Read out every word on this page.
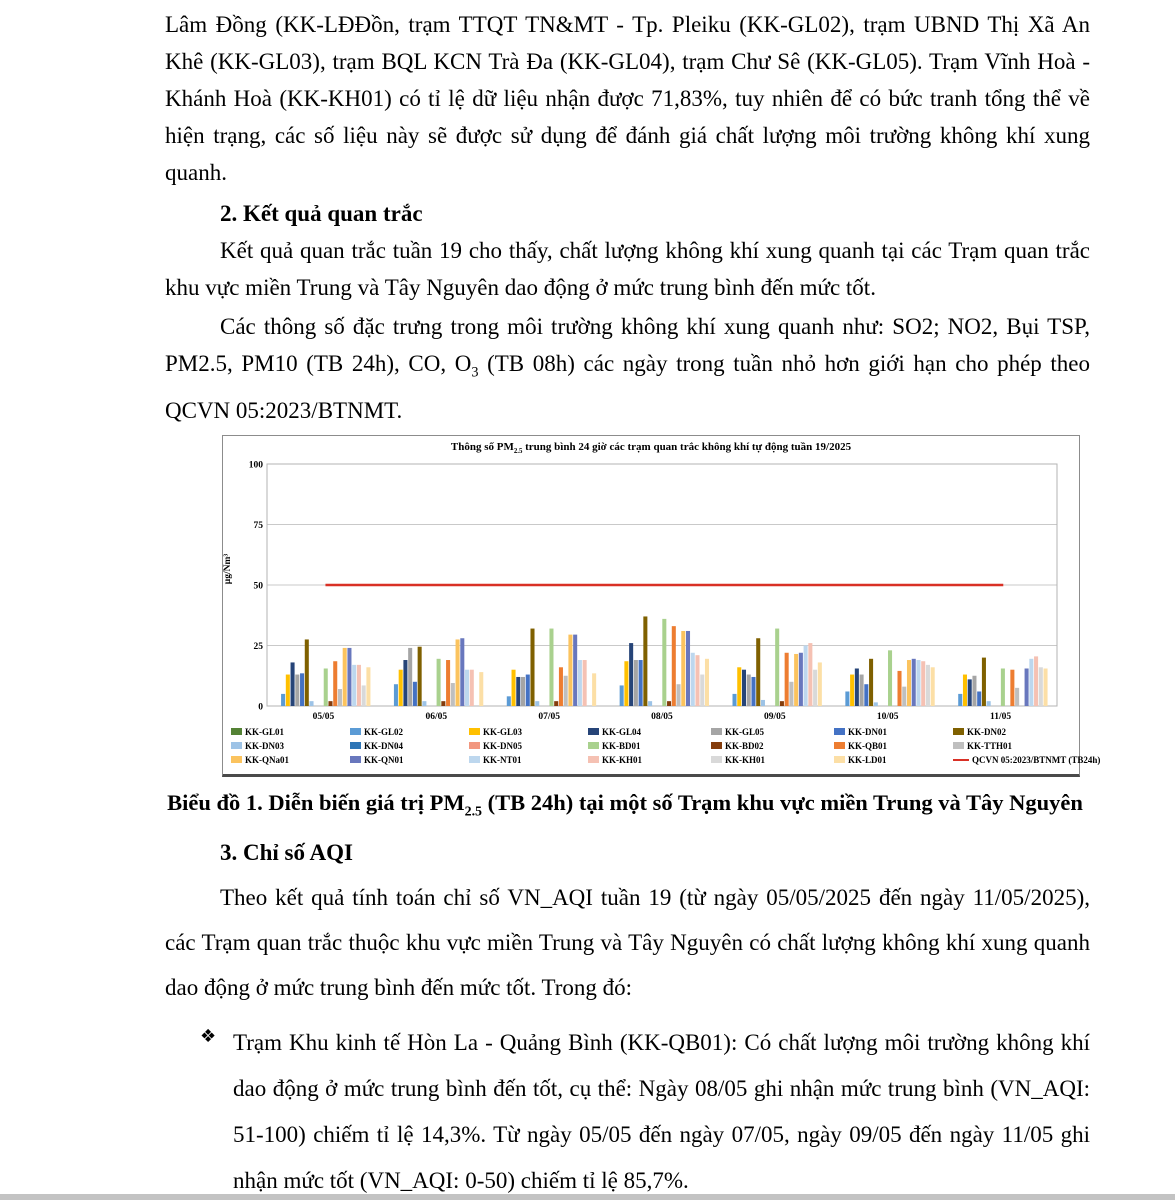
Lâm Đồng (KK-LĐĐồn, trạm TTQT TN&MT - Tp. Pleiku (KK-GL02), trạm UBND Thị Xã An Khê (KK-GL03), trạm BQL KCN Trà Đa (KK-GL04), trạm Chư Sê (KK-GL05). Trạm Vĩnh Hoà - Khánh Hoà (KK-KH01) có tỉ lệ dữ liệu nhận được 71,83%, tuy nhiên để có bức tranh tổng thể về hiện trạng, các số liệu này sẽ được sử dụng để đánh giá chất lượng môi trường không khí xung quanh.

2. Kết quả quan trắc

Kết quả quan trắc tuần 19 cho thấy, chất lượng không khí xung quanh tại các Trạm quan trắc khu vực miền Trung và Tây Nguyên dao động ở mức trung bình đến mức tốt.

Các thông số đặc trưng trong môi trường không khí xung quanh như: SO2; NO2, Bụi TSP, PM2.5, PM10 (TB 24h), CO, $O_3$ (TB 08h) các ngày trong tuần nhỏ hơn giới hạn cho phép theo QCVN 05:2023/BTNMT.

Thông số $PM_{2.5}$ trung bình 24 giờ các trạm quan trắc không khí tự động tuần 19/2025
µg/Nm³
0
25
50
75
100
05/05	06/05	07/05	08/05	09/05	10/05	11/05
KK-GL01	KK-GL02	KK-GL03	KK-GL04	KK-GL05	KK-DN01	KK-DN02
KK-DN03	KK-DN04	KK-DN05	KK-BD01	KK-BD02	KK-QB01	KK-TTH01
KK-QNa01	KK-QN01	KK-NT01	KK-KH01	KK-KH01	KK-LD01	QCVN 05:2023/BTNMT (TB24h)

Biểu đồ 1. Diễn biến giá trị $PM_{2.5}$ (TB 24h) tại một số Trạm khu vực miền Trung và Tây Nguyên

3. Chỉ số AQI

Theo kết quả tính toán chỉ số VN_AQI tuần 19 (từ ngày 05/05/2025 đến ngày 11/05/2025), các Trạm quan trắc thuộc khu vực miền Trung và Tây Nguyên có chất lượng không khí xung quanh dao động ở mức trung bình đến mức tốt. Trong đó:

❖ Trạm Khu kinh tế Hòn La - Quảng Bình (KK-QB01): Có chất lượng môi trường không khí dao động ở mức trung bình đến tốt, cụ thể: Ngày 08/05 ghi nhận mức trung bình (VN_AQI: 51-100) chiếm tỉ lệ 14,3%. Từ ngày 05/05 đến ngày 07/05, ngày 09/05 đến ngày 11/05 ghi nhận mức tốt (VN_AQI: 0-50) chiếm tỉ lệ 85,7%.
